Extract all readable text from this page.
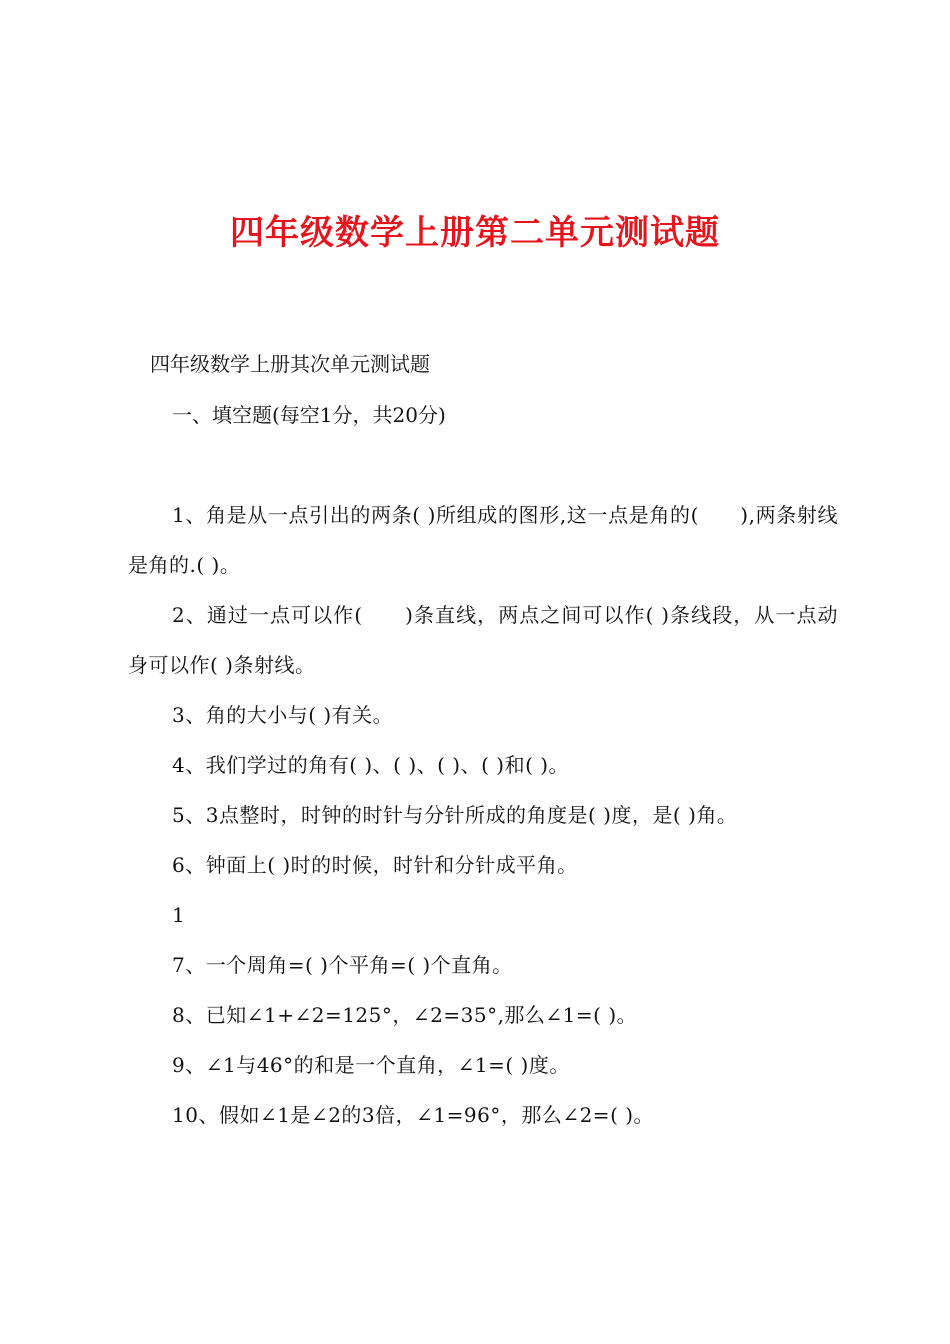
四年级数学上册第二单元测试题
四年级数学上册其次单元测试题
一、填空题(每空1分，共20分)

1、角是从一点引出的两条( )所组成的图形,这一点是角的(　　),两条射线是角的.( )。

2、通过一点可以作(　　)条直线，两点之间可以作( )条线段，从一点动身可以作( )条射线。

3、角的大小与( )有关。

4、我们学过的角有( )、( )、( )、( )和( )。

5、3点整时，时钟的时针与分针所成的角度是( )度，是( )角。

6、钟面上( )时的时候，时针和分针成平角。

1

7、一个周角=( )个平角=( )个直角。

8、已知∠1+∠2=125°，∠2=35°,那么∠1=( )。

9、∠1与46°的和是一个直角，∠1=( )度。

10、假如∠1是∠2的3倍，∠1=96°，那么∠2=( )。
